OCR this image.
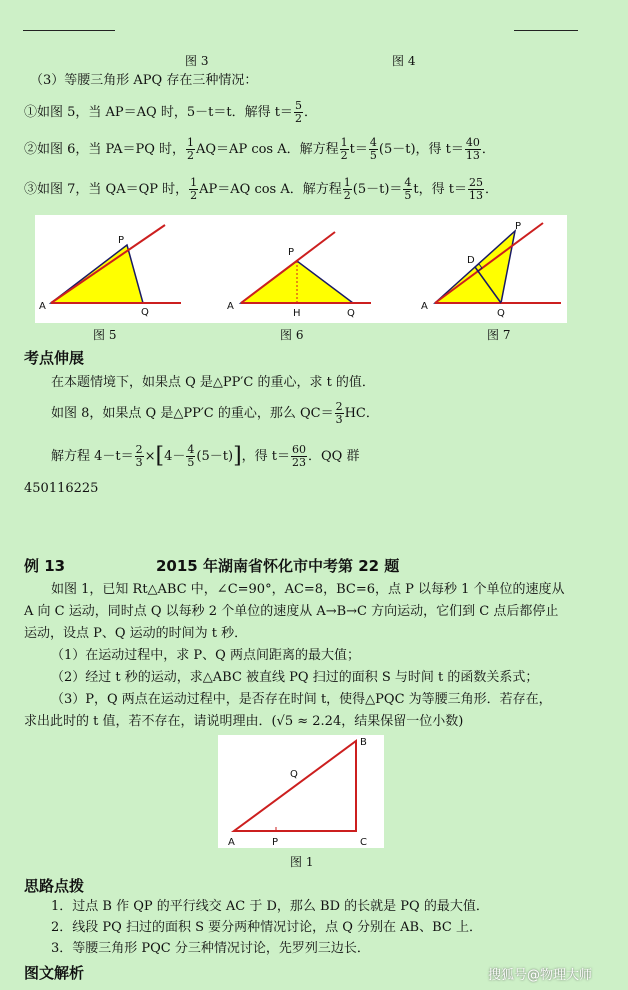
图 3	图 4
（3）等腰三角形 APQ 存在三种情况：
①如图 5，当 AP＝AQ 时，5－t＝t．解得 $t= \frac{5}{2}$ ．
②如图 6，当 PA＝PQ 时， $\frac{1}{2} AQ=AP$ cos A．解方程 $\frac{1}{2} t= \frac{4}{5} (5-t)$，得 $t= \frac{40}{13}$ ．
③如图 7，当 QA＝QP 时， $\frac{1}{2} AP=AQ$ cos A．解方程 $\frac{1}{2} (5-t)= \frac{4}{5}$ t，得 $t= \frac{25}{13}$ ．
A
P
Q
A
P
H	Q
A
D
P
Q
图 5	图 6	图 7
考点伸展
在本题情境下，如果点 Q 是△PP′C 的重心，求 t 的值．
如图 8，如果点 Q 是△PP′C 的重心，那么 $QC= \frac{2}{3}$ HC．
解方程 $4-t= \frac{2}{3} \times[4- \frac{4}{5} (5-t)]$，得 $t= \frac{60}{23}$ ．QQ 群
450116225
例 13	2015 年湖南省怀化市中考第 22 题
如图 1，已知 Rt△ABC 中，∠C=90°，AC=8，BC=6，点 P 以每秒 1 个单位的速度从
A 向 C 运动，同时点 Q 以每秒 2 个单位的速度从 A→B→C 方向运动，它们到 C 点后都停止
运动，设点 P、Q 运动的时间为 t 秒．
（1）在运动过程中，求 P、Q 两点间距离的最大值；
（2）经过 t 秒的运动，求△ABC 被直线 PQ 扫过的面积 S 与时间 t 的函数关系式；
（3）P，Q 两点在运动过程中，是否存在时间 t，使得△PQC 为等腰三角形．若存在，
求出此时的 t 值，若不存在，请说明理由．(√5 ≈ 2.24，结果保留一位小数)
A	P	C
B
Q
图 1
思路点拨
1．过点 B 作 QP 的平行线交 AC 于 D，那么 BD 的长就是 PQ 的最大值．
2．线段 PQ 扫过的面积 S 要分两种情况讨论，点 Q 分别在 AB、BC 上．
3．等腰三角形 PQC 分三种情况讨论，先罗列三边长．
图文解析	搜狐号@物理大师
